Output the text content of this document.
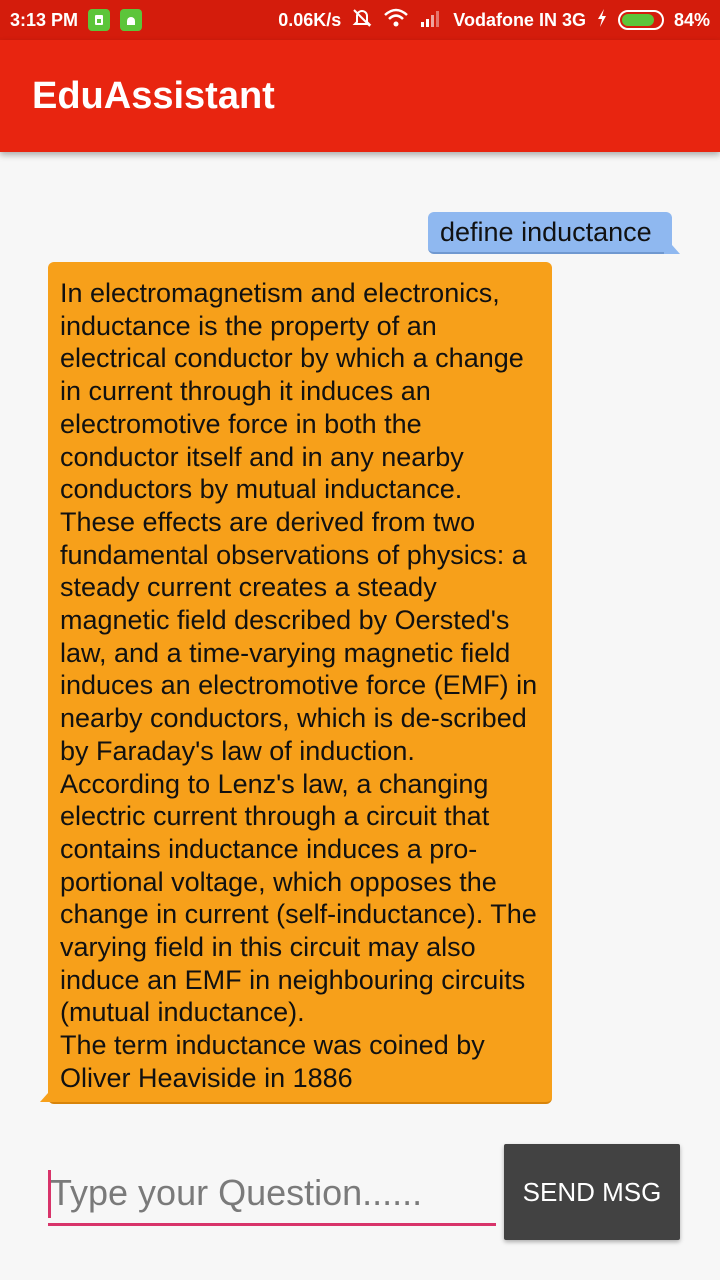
3:13 PM	0.06K/s	Vodafone IN 3G	84%
EduAssistant
define inductance
In electromagnetism and electronics, inductance is the property of an electrical conductor by which a change in current through it induces an electromotive force in both the conductor itself and in any nearby conductors by mutual inductance. These effects are derived from two fundamental observations of physics: a steady current creates a steady magnetic field described by Oersted's law, and a time-varying magnetic field induces an electromotive force (EMF) in nearby conductors, which is de-scribed by Faraday's law of induction. According to Lenz's law, a changing electric current through a circuit that contains inductance induces a pro-portional voltage, which opposes the change in current (self-inductance). The varying field in this circuit may also induce an EMF in neighbouring circuits (mutual inductance).
The term inductance was coined by Oliver Heaviside in 1886
Type your Question......
SEND MSG
